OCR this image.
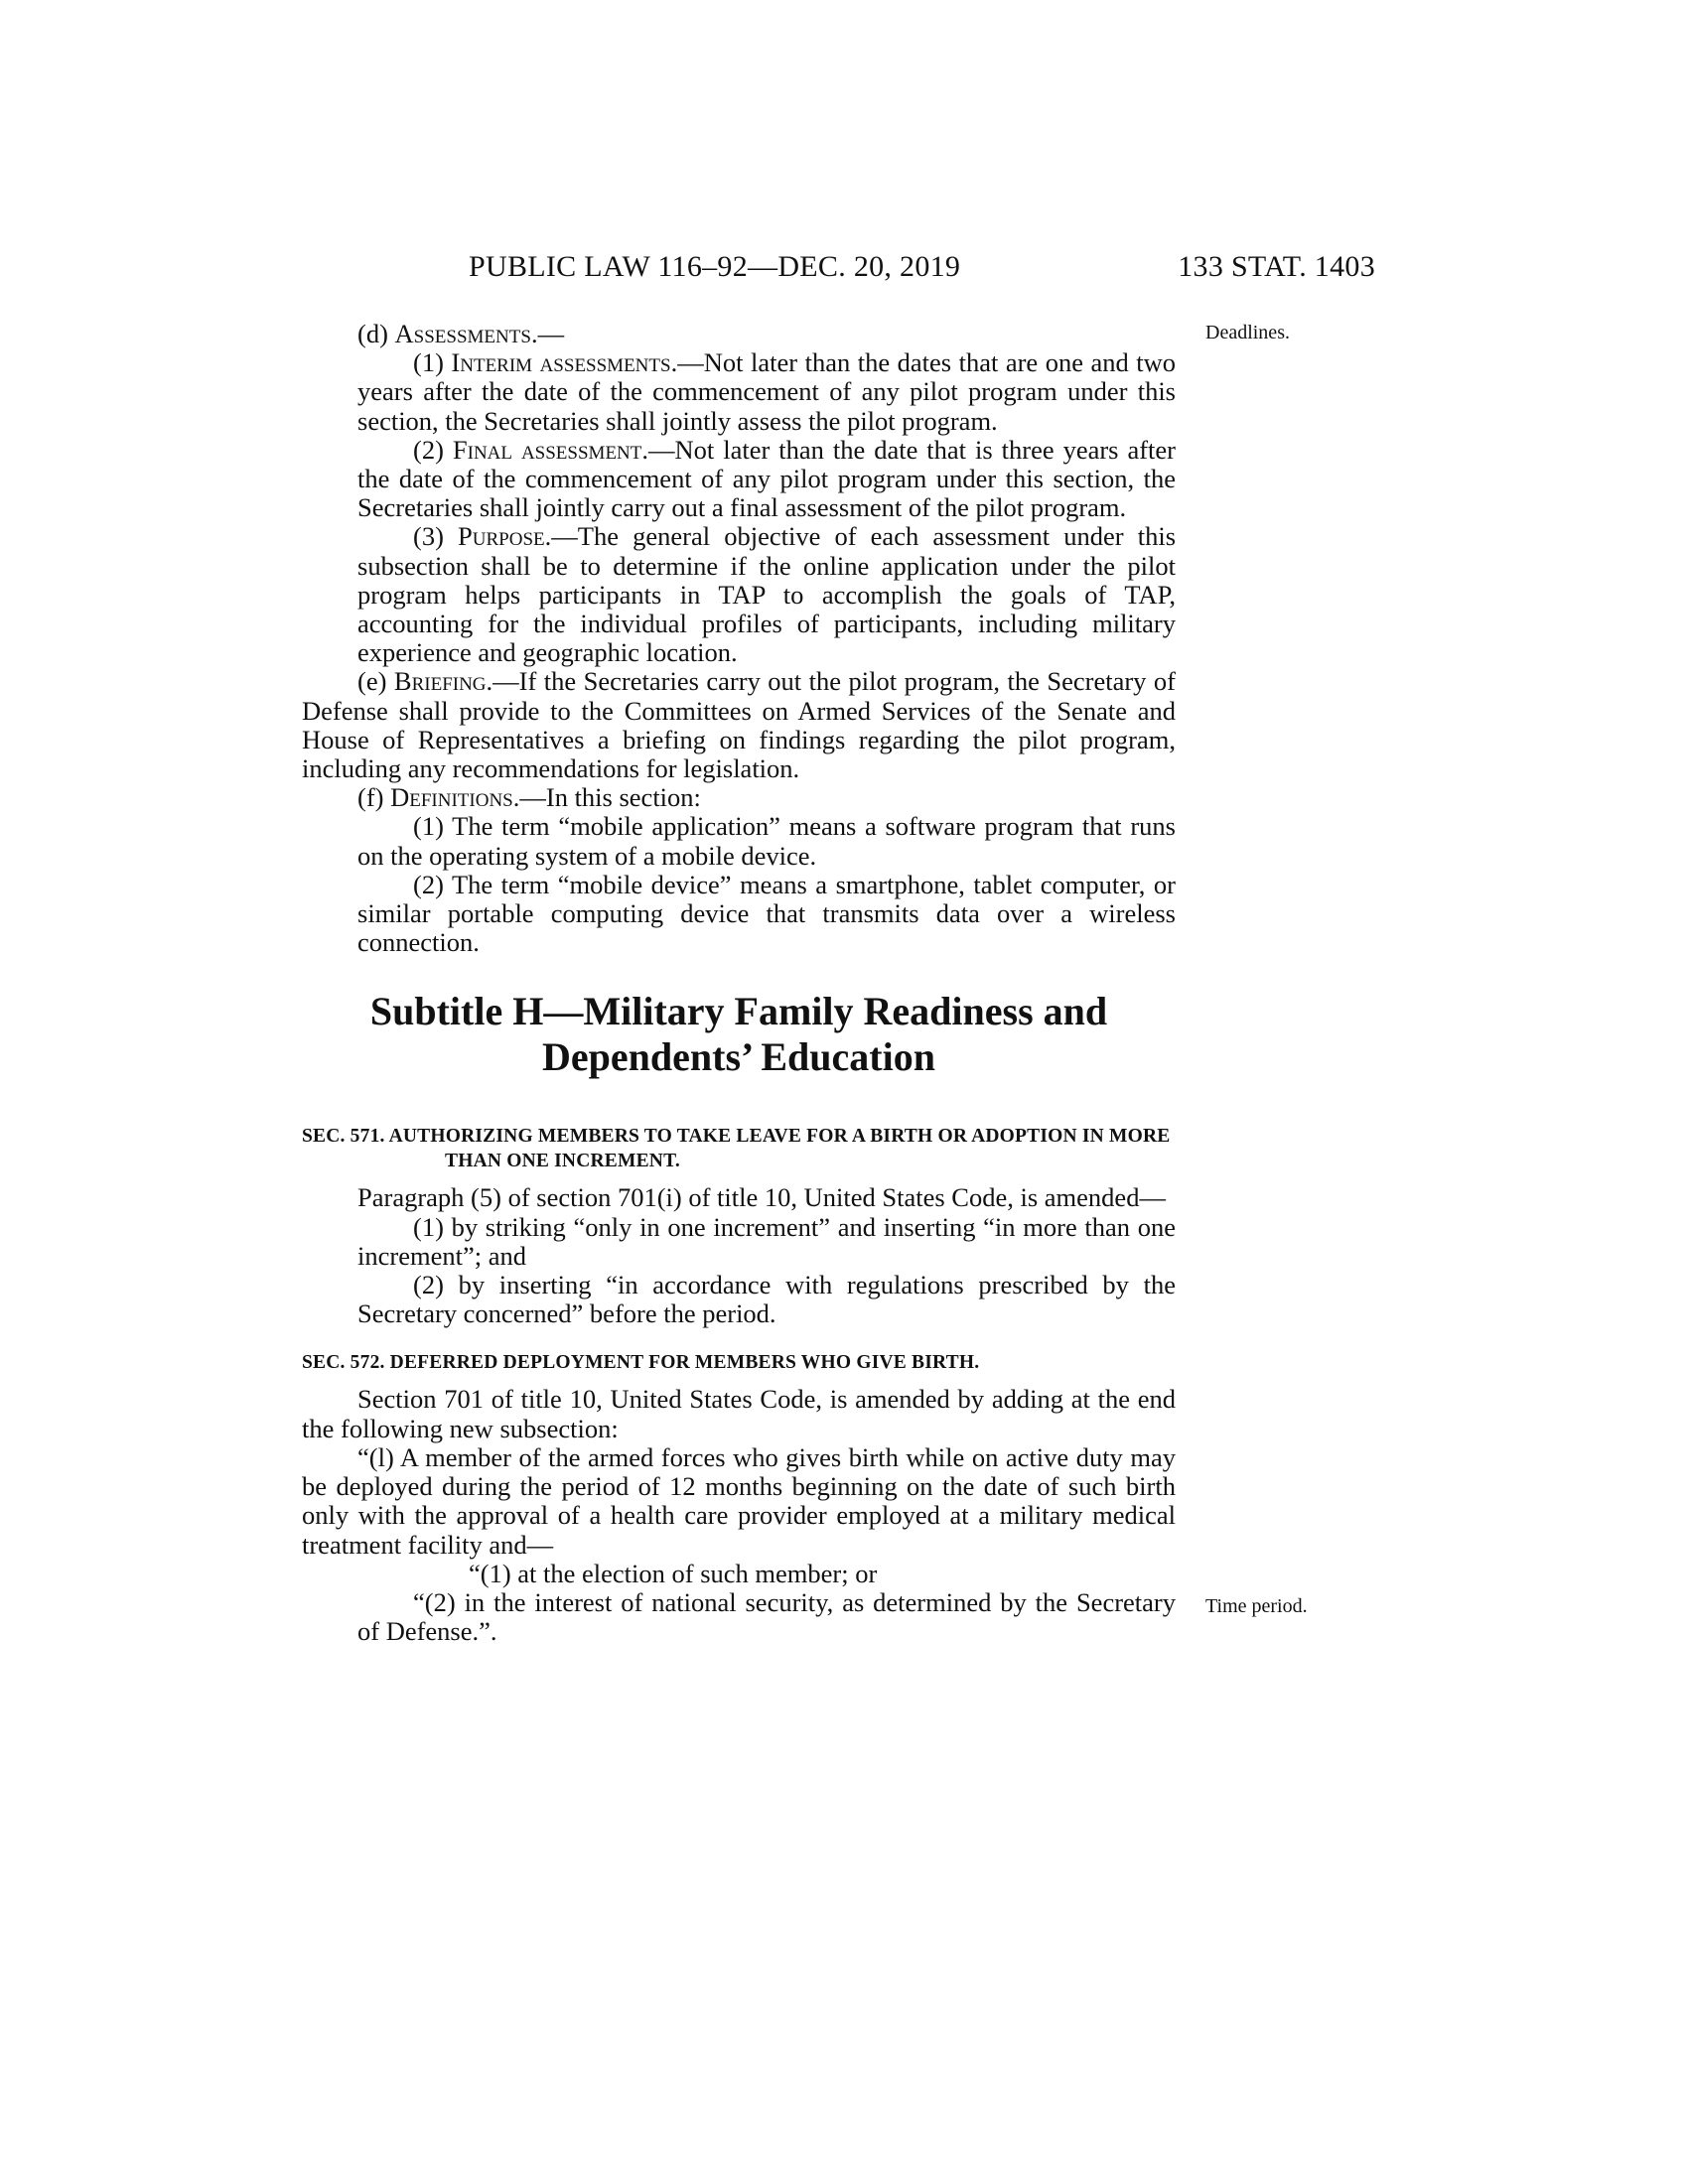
PUBLIC LAW 116–92—DEC. 20, 2019	133 STAT. 1403
Deadlines.
Time period.

(d) Assessments.—

(1) Interim assessments.—Not later than the dates that are one and two years after the date of the commencement of any pilot program under this section, the Secretaries shall jointly assess the pilot program.

(2) Final assessment.—Not later than the date that is three years after the date of the commencement of any pilot program under this section, the Secretaries shall jointly carry out a final assessment of the pilot program.

(3) Purpose.—The general objective of each assessment under this subsection shall be to determine if the online application under the pilot program helps participants in TAP to accomplish the goals of TAP, accounting for the individual profiles of participants, including military experience and geographic location.

(e) Briefing.—If the Secretaries carry out the pilot program, the Secretary of Defense shall provide to the Committees on Armed Services of the Senate and House of Representatives a briefing on findings regarding the pilot program, including any recommendations for legislation.

(f) Definitions.—In this section:

(1) The term “mobile application” means a software program that runs on the operating system of a mobile device.

(2) The term “mobile device” means a smartphone, tablet computer, or similar portable computing device that transmits data over a wireless connection.

Subtitle H—Military Family Readiness and
Dependents’ Education
SEC. 571. AUTHORIZING MEMBERS TO TAKE LEAVE FOR A BIRTH OR ADOPTION IN MORE THAN ONE INCREMENT.

Paragraph (5) of section 701(i) of title 10, United States Code, is amended—

(1) by striking “only in one increment” and inserting “in more than one increment”; and

(2) by inserting “in accordance with regulations prescribed by the Secretary concerned” before the period.

SEC. 572. DEFERRED DEPLOYMENT FOR MEMBERS WHO GIVE BIRTH.

Section 701 of title 10, United States Code, is amended by adding at the end the following new subsection:

“(l) A member of the armed forces who gives birth while on active duty may be deployed during the period of 12 months beginning on the date of such birth only with the approval of a health care provider employed at a military medical treatment facility and—

“(1) at the election of such member; or

“(2) in the interest of national security, as determined by the Secretary of Defense.”.
